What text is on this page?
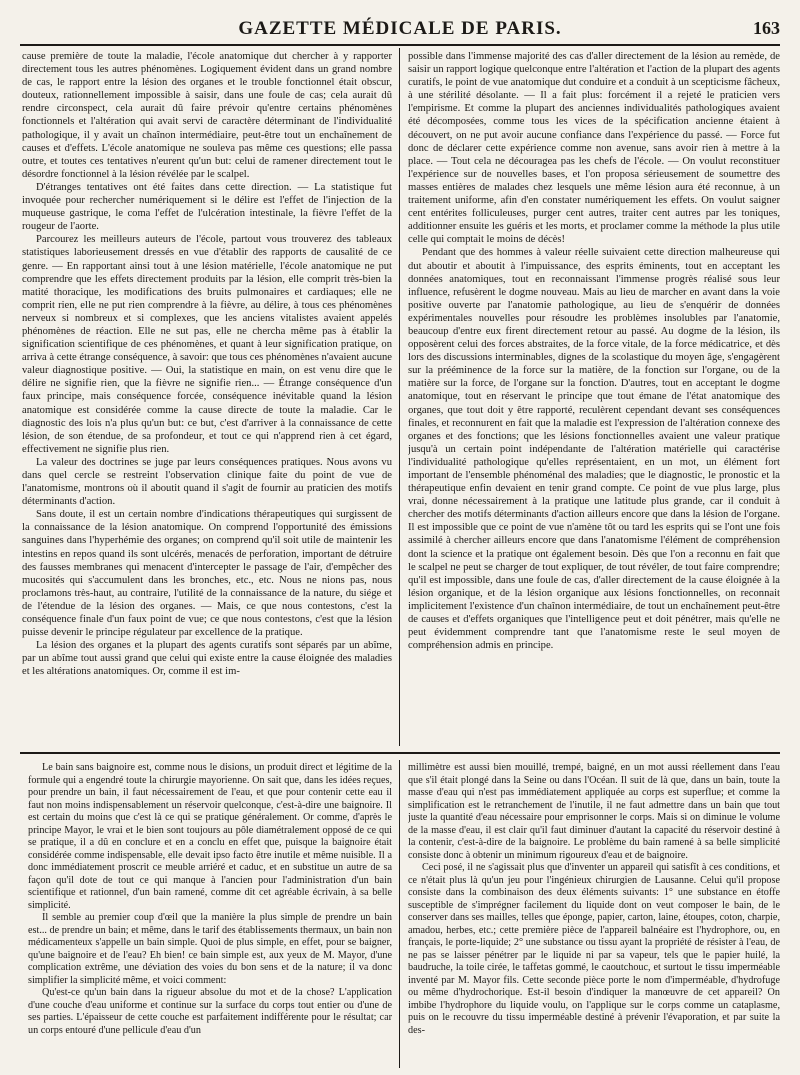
GAZETTE MÉDICALE DE PARIS.	163

cause première de toute la maladie, l'école anatomique dut chercher à y rapporter directement tous les autres phénomènes. Logiquement évident dans un grand nombre de cas, le rapport entre la lésion des organes et le trouble fonctionnel était obscur, douteux, rationnellement impossible à saisir, dans une foule de cas; cela aurait dû rendre circonspect, cela aurait dû faire prévoir qu'entre certains phénomènes fonctionnels et l'altération qui avait servi de caractère déterminant de l'individualité pathologique, il y avait un chaînon intermédiaire, peut-être tout un enchaînement de causes et d'effets. L'école anatomique ne souleva pas même ces questions; elle passa outre, et toutes ces tentatives n'eurent qu'un but: celui de ramener directement tout le désordre fonctionnel à la lésion révélée par le scalpel.

D'étranges tentatives ont été faites dans cette direction. — La statistique fut invoquée pour rechercher numériquement si le délire est l'effet de l'injection de la muqueuse gastrique, le coma l'effet de l'ulcération intestinale, la fièvre l'effet de la rougeur de l'aorte.

Parcourez les meilleurs auteurs de l'école, partout vous trouverez des tableaux statistiques laborieusement dressés en vue d'établir des rapports de causalité de ce genre. — En rapportant ainsi tout à une lésion matérielle, l'école anatomique ne put comprendre que les effets directement produits par la lésion, elle comprit très-bien la matité thoracique, les modifications des bruits pulmonaires et cardiaques; elle ne comprit rien, elle ne put rien comprendre à la fièvre, au délire, à tous ces phénomènes nerveux si nombreux et si complexes, que les anciens vitalistes avaient appelés phénomènes de réaction. Elle ne sut pas, elle ne chercha même pas à établir la signification scientifique de ces phénomènes, et quant à leur signification pratique, on arriva à cette étrange conséquence, à savoir: que tous ces phénomènes n'avaient aucune valeur diagnostique positive. — Oui, la statistique en main, on est venu dire que le délire ne signifie rien, que la fièvre ne signifie rien... — Étrange conséquence d'un faux principe, mais conséquence forcée, conséquence inévitable quand la lésion anatomique est considérée comme la cause directe de toute la maladie. Car le diagnostic des lois n'a plus qu'un but: ce but, c'est d'arriver à la connaissance de cette lésion, de son étendue, de sa profondeur, et tout ce qui n'apprend rien à cet égard, effectivement ne signifie plus rien.

La valeur des doctrines se juge par leurs conséquences pratiques. Nous avons vu dans quel cercle se restreint l'observation clinique faite du point de vue de l'anatomisme, montrons où il aboutit quand il s'agit de fournir au praticien des motifs déterminants d'action.

Sans doute, il est un certain nombre d'indications thérapeutiques qui surgissent de la connaissance de la lésion anatomique. On comprend l'opportunité des émissions sanguines dans l'hyperhémie des organes; on comprend qu'il soit utile de maintenir les intestins en repos quand ils sont ulcérés, menacés de perforation, important de détruire des fausses membranes qui menacent d'intercepter le passage de l'air, d'empêcher des mucosités qui s'accumulent dans les bronches, etc., etc. Nous ne nions pas, nous proclamons très-haut, au contraire, l'utilité de la connaissance de la nature, du siége et de l'étendue de la lésion des organes. — Mais, ce que nous contestons, c'est la conséquence finale d'un faux point de vue; ce que nous contestons, c'est que la lésion puisse devenir le principe régulateur par excellence de la pratique.

La lésion des organes et la plupart des agents curatifs sont séparés par un abîme, par un abîme tout aussi grand que celui qui existe entre la cause éloignée des maladies et les altérations anatomiques. Or, comme il est im-

possible dans l'immense majorité des cas d'aller directement de la lésion au remède, de saisir un rapport logique quelconque entre l'altération et l'action de la plupart des agents curatifs, le point de vue anatomique dut conduire et a conduit à un scepticisme fâcheux, à une stérilité désolante. — Il a fait plus: forcément il a rejeté le praticien vers l'empirisme. Et comme la plupart des anciennes individualités pathologiques avaient été décomposées, comme tous les vices de la spécification ancienne étaient à découvert, on ne put avoir aucune confiance dans l'expérience du passé. — Force fut donc de déclarer cette expérience comme non avenue, sans avoir rien à mettre à la place. — Tout cela ne découragea pas les chefs de l'école. — On voulut reconstituer l'expérience sur de nouvelles bases, et l'on proposa sérieusement de soumettre des masses entières de malades chez lesquels une même lésion aura été reconnue, à un traitement uniforme, afin d'en constater numériquement les effets. On voulut saigner cent entérites folliculeuses, purger cent autres, traiter cent autres par les toniques, additionner ensuite les guéris et les morts, et proclamer comme la méthode la plus utile celle qui comptait le moins de décès!

Pendant que des hommes à valeur réelle suivaient cette direction malheureuse qui dut aboutir et aboutit à l'impuissance, des esprits éminents, tout en acceptant les données anatomiques, tout en reconnaissant l'immense progrès réalisé sous leur influence, refusèrent le dogme nouveau. Mais au lieu de marcher en avant dans la voie positive ouverte par l'anatomie pathologique, au lieu de s'enquérir de données expérimentales nouvelles pour résoudre les problèmes insolubles par l'anatomie, beaucoup d'entre eux firent directement retour au passé. Au dogme de la lésion, ils opposèrent celui des forces abstraites, de la force vitale, de la force médicatrice, et dès lors des discussions interminables, dignes de la scolastique du moyen âge, s'engagèrent sur la prééminence de la force sur la matière, de la fonction sur l'organe, ou de la matière sur la force, de l'organe sur la fonction. D'autres, tout en acceptant le dogme anatomique, tout en réservant le principe que tout émane de l'état anatomique des organes, que tout doit y être rapporté, reculèrent cependant devant ses conséquences finales, et reconnurent en fait que la maladie est l'expression de l'altération connexe des organes et des fonctions; que les lésions fonctionnelles avaient une valeur pratique jusqu'à un certain point indépendante de l'altération matérielle qui caractérise l'individualité pathologique qu'elles représentaient, en un mot, un élément fort important de l'ensemble phénoménal des maladies; que le diagnostic, le pronostic et la thérapeutique enfin devaient en tenir grand compte. Ce point de vue plus large, plus vrai, donne nécessairement à la pratique une latitude plus grande, car il conduit à chercher des motifs déterminants d'action ailleurs encore que dans la lésion de l'organe. Il est impossible que ce point de vue n'amène tôt ou tard les esprits qui se l'ont une fois assimilé à chercher ailleurs encore que dans l'anatomisme l'élément de compréhension dont la science et la pratique ont également besoin. Dès que l'on a reconnu en fait que le scalpel ne peut se charger de tout expliquer, de tout révéler, de tout faire comprendre; qu'il est impossible, dans une foule de cas, d'aller directement de la cause éloignée à la lésion organique, et de la lésion organique aux lésions fonctionnelles, on reconnait implicitement l'existence d'un chaînon intermédiaire, de tout un enchaînement peut-être de causes et d'effets organiques que l'intelligence peut et doit pénétrer, mais qu'elle ne peut évidemment comprendre tant que l'anatomisme reste le seul moyen de compréhension admis en principe.

Le bain sans baignoire est, comme nous le disions, un produit direct et légitime de la formule qui a engendré toute la chirurgie mayorienne. On sait que, dans les idées reçues, pour prendre un bain, il faut nécessairement de l'eau, et que pour contenir cette eau il faut non moins indispensablement un réservoir quelconque, c'est-à-dire une baignoire. Il est certain du moins que c'est là ce qui se pratique généralement. Or comme, d'après le principe Mayor, le vrai et le bien sont toujours au pôle diamétralement opposé de ce qui se pratique, il a dû en conclure et en a conclu en effet que, puisque la baignoire était considérée comme indispensable, elle devait ipso facto être inutile et même nuisible. Il a donc immédiatement proscrit ce meuble arriéré et caduc, et en substitue un autre de sa façon qu'il dote de tout ce qui manque à l'ancien pour l'administration d'un bain scientifique et rationnel, d'un bain ramené, comme dit cet agréable écrivain, à sa belle simplicité.

Il semble au premier coup d'œil que la manière la plus simple de prendre un bain est... de prendre un bain; et même, dans le tarif des établissements thermaux, un bain non médicamenteux s'appelle un bain simple. Quoi de plus simple, en effet, pour se baigner, qu'une baignoire et de l'eau? Eh bien! ce bain simple est, aux yeux de M. Mayor, d'une complication extrême, une déviation des voies du bon sens et de la nature; il va donc simplifier la simplicité même, et voici comment:

Qu'est-ce qu'un bain dans la rigueur absolue du mot et de la chose? L'application d'une couche d'eau uniforme et continue sur la surface du corps tout entier ou d'une de ses parties. L'épaisseur de cette couche est parfaitement indifférente pour le résultat; car un corps entouré d'une pellicule d'eau d'un

millimètre est aussi bien mouillé, trempé, baigné, en un mot aussi réellement dans l'eau que s'il était plongé dans la Seine ou dans l'Océan. Il suit de là que, dans un bain, toute la masse d'eau qui n'est pas immédiatement appliquée au corps est superflue; et comme la simplification est le retranchement de l'inutile, il ne faut admettre dans un bain que tout juste la quantité d'eau nécessaire pour emprisonner le corps. Mais si on diminue le volume de la masse d'eau, il est clair qu'il faut diminuer d'autant la capacité du réservoir destiné à la contenir, c'est-à-dire de la baignoire. Le problème du bain ramené à sa belle simplicité consiste donc à obtenir un minimum rigoureux d'eau et de baignoire.

Ceci posé, il ne s'agissait plus que d'inventer un appareil qui satisfît à ces conditions, et ce n'était plus là qu'un jeu pour l'ingénieux chirurgien de Lausanne. Celui qu'il propose consiste dans la combinaison des deux éléments suivants: 1° une substance en étoffe susceptible de s'imprégner facilement du liquide dont on veut composer le bain, de le conserver dans ses mailles, telles que éponge, papier, carton, laine, étoupes, coton, charpie, amadou, herbes, etc.; cette première pièce de l'appareil balnéaire est l'hydrophore, ou, en français, le porte-liquide; 2° une substance ou tissu ayant la propriété de résister à l'eau, de ne pas se laisser pénétrer par le liquide ni par sa vapeur, tels que le papier huilé, la baudruche, la toile cirée, le taffetas gommé, le caoutchouc, et surtout le tissu imperméable inventé par M. Mayor fils. Cette seconde pièce porte le nom d'imperméable, d'hydrofuge ou même d'hydrochorique. Est-il besoin d'indiquer la manœuvre de cet appareil? On imbibe l'hydrophore du liquide voulu, on l'applique sur le corps comme un cataplasme, puis on le recouvre du tissu imperméable destiné à prévenir l'évaporation, et par suite la des-
